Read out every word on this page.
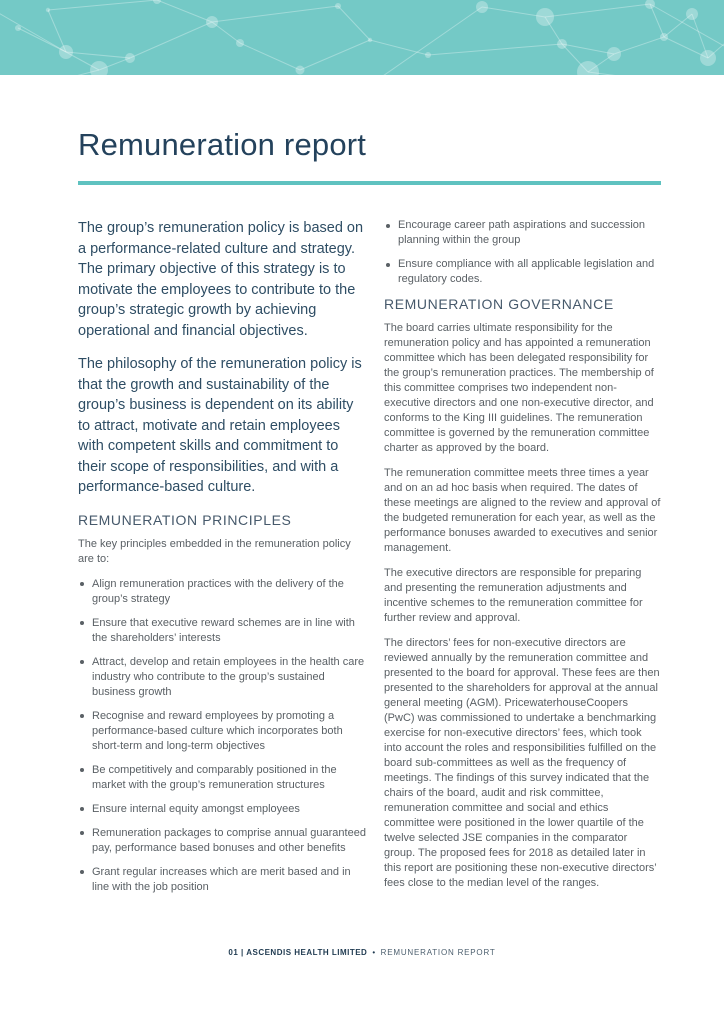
Remuneration report

The group’s remuneration policy is based on a performance-related culture and strategy. The primary objective of this strategy is to motivate the employees to contribute to the group’s strategic growth by achieving operational and financial objectives.

The philosophy of the remuneration policy is that the growth and sustainability of the group’s business is dependent on its ability to attract, motivate and retain employees with competent skills and commitment to their scope of responsibilities, and with a performance-based culture.

REMUNERATION PRINCIPLES

The key principles embedded in the remuneration policy are to:

Align remuneration practices with the delivery of the group’s strategy
Ensure that executive reward schemes are in line with the shareholders’ interests
Attract, develop and retain employees in the health care industry who contribute to the group’s sustained business growth
Recognise and reward employees by promoting a performance-based culture which incorporates both short-term and long-term objectives
Be competitively and comparably positioned in the market with the group’s remuneration structures
Ensure internal equity amongst employees
Remuneration packages to comprise annual guaranteed pay, performance based bonuses and other benefits
Grant regular increases which are merit based and in line with the job position
Encourage career path aspirations and succession planning within the group
Ensure compliance with all applicable legislation and regulatory codes.
REMUNERATION GOVERNANCE

The board carries ultimate responsibility for the remuneration policy and has appointed a remuneration committee which has been delegated responsibility for the group’s remuneration practices. The membership of this committee comprises two independent non-executive directors and one non-executive director, and conforms to the King III guidelines. The remuneration committee is governed by the remuneration committee charter as approved by the board.

The remuneration committee meets three times a year and on an ad hoc basis when required. The dates of these meetings are aligned to the review and approval of the budgeted remuneration for each year, as well as the performance bonuses awarded to executives and senior management.

The executive directors are responsible for preparing and presenting the remuneration adjustments and incentive schemes to the remuneration committee for further review and approval.

The directors’ fees for non-executive directors are reviewed annually by the remuneration committee and presented to the board for approval. These fees are then presented to the shareholders for approval at the annual general meeting (AGM). PricewaterhouseCoopers (PwC) was commissioned to undertake a benchmarking exercise for non-executive directors’ fees, which took into account the roles and responsibilities fulfilled on the board sub-committees as well as the frequency of meetings. The findings of this survey indicated that the chairs of the board, audit and risk committee, remuneration committee and social and ethics committee were positioned in the lower quartile of the twelve selected JSE companies in the comparator group. The proposed fees for 2018 as detailed later in this report are positioning these non-executive directors’ fees close to the median level of the ranges.

01 | ASCENDIS HEALTH LIMITED • REMUNERATION REPORT
